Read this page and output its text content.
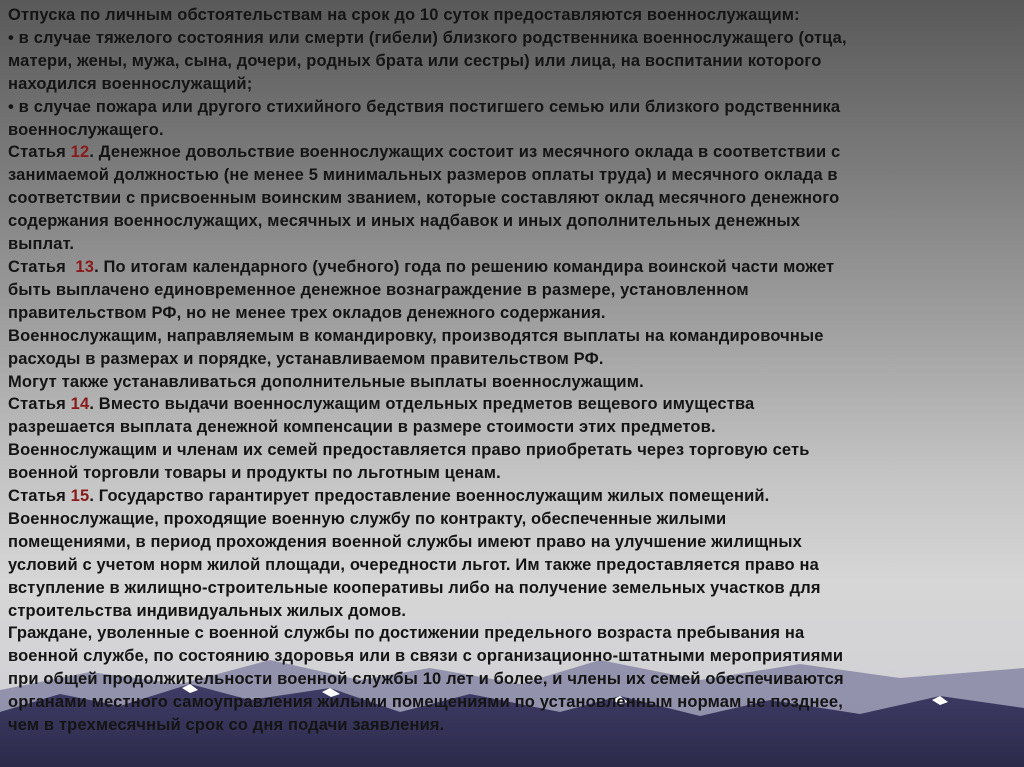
Отпуска по личным обстоятельствам на срок до 10 суток предоставляются военнослужащим:

• в случае тяжелого состояния или смерти (гибели) близкого родственника военнослужащего (отца,

матери, жены, мужа, сына, дочери, родных брата или сестры) или лица, на воспитании которого

находился военнослужащий;

• в случае пожара или другого стихийного бедствия постигшего семью или близкого родственника

военнослужащего.

Статья 12. Денежное довольствие военнослужащих состоит из месячного оклада в соответствии с

занимаемой должностью (не менее 5 минимальных размеров оплаты труда) и месячного оклада в

соответствии с присвоенным воинским званием, которые составляют оклад месячного денежного

содержания военнослужащих, месячных и иных надбавок и иных дополнительных денежных

выплат.

Статья  13. По итогам календарного (учебного) года по решению командира воинской части может

быть выплачено единовременное денежное вознаграждение в размере, установленном

правительством РФ, но не менее трех окладов денежного содержания.

Военнослужащим, направляемым в командировку, производятся выплаты на командировочные

расходы в размерах и порядке, устанавливаемом правительством РФ.

Могут также устанавливаться дополнительные выплаты военнослужащим.

Статья 14. Вместо выдачи военнослужащим отдельных предметов вещевого имущества

разрешается выплата денежной компенсации в размере стоимости этих предметов.

Военнослужащим и членам их семей предоставляется право приобретать через торговую сеть

военной торговли товары и продукты по льготным ценам.

Статья 15. Государство гарантирует предоставление военнослужащим жилых помещений.

Военнослужащие, проходящие военную службу по контракту, обеспеченные жилыми

помещениями, в период прохождения военной службы имеют право на улучшение жилищных

условий с учетом норм жилой площади, очередности льгот. Им также предоставляется право на

вступление в жилищно-строительные кооперативы либо на получение земельных участков для

строительства индивидуальных жилых домов.

Граждане, уволенные с военной службы по достижении предельного возраста пребывания на

военной службе, по состоянию здоровья или в связи с организационно-штатными мероприятиями

при общей продолжительности военной службы 10 лет и более, и члены их семей обеспечиваются

органами местного самоуправления жилыми помещениями по установленным нормам не позднее,

чем в трехмесячный срок со дня подачи заявления.
